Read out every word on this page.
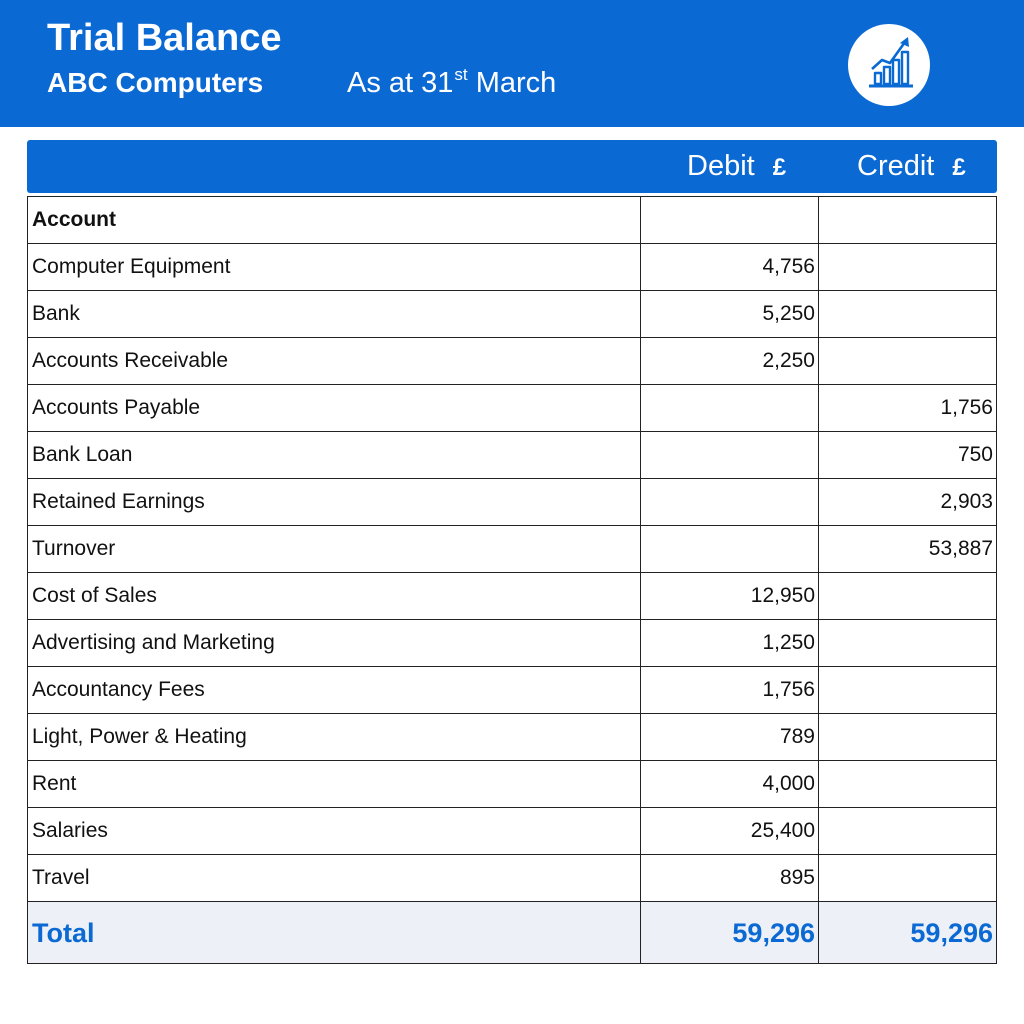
Trial Balance
ABC Computers	As at 31st March
Debit £ Credit £
Account		
Computer Equipment	4,756	
Bank	5,250	
Accounts Receivable	2,250	
Accounts Payable		1,756
Bank Loan		750
Retained Earnings		2,903
Turnover		53,887
Cost of Sales	12,950	
Advertising and Marketing	1,250	
Accountancy Fees	1,756	
Light, Power & Heating	789	
Rent	4,000	
Salaries	25,400	
Travel	895	
Total	59,296	59,296
